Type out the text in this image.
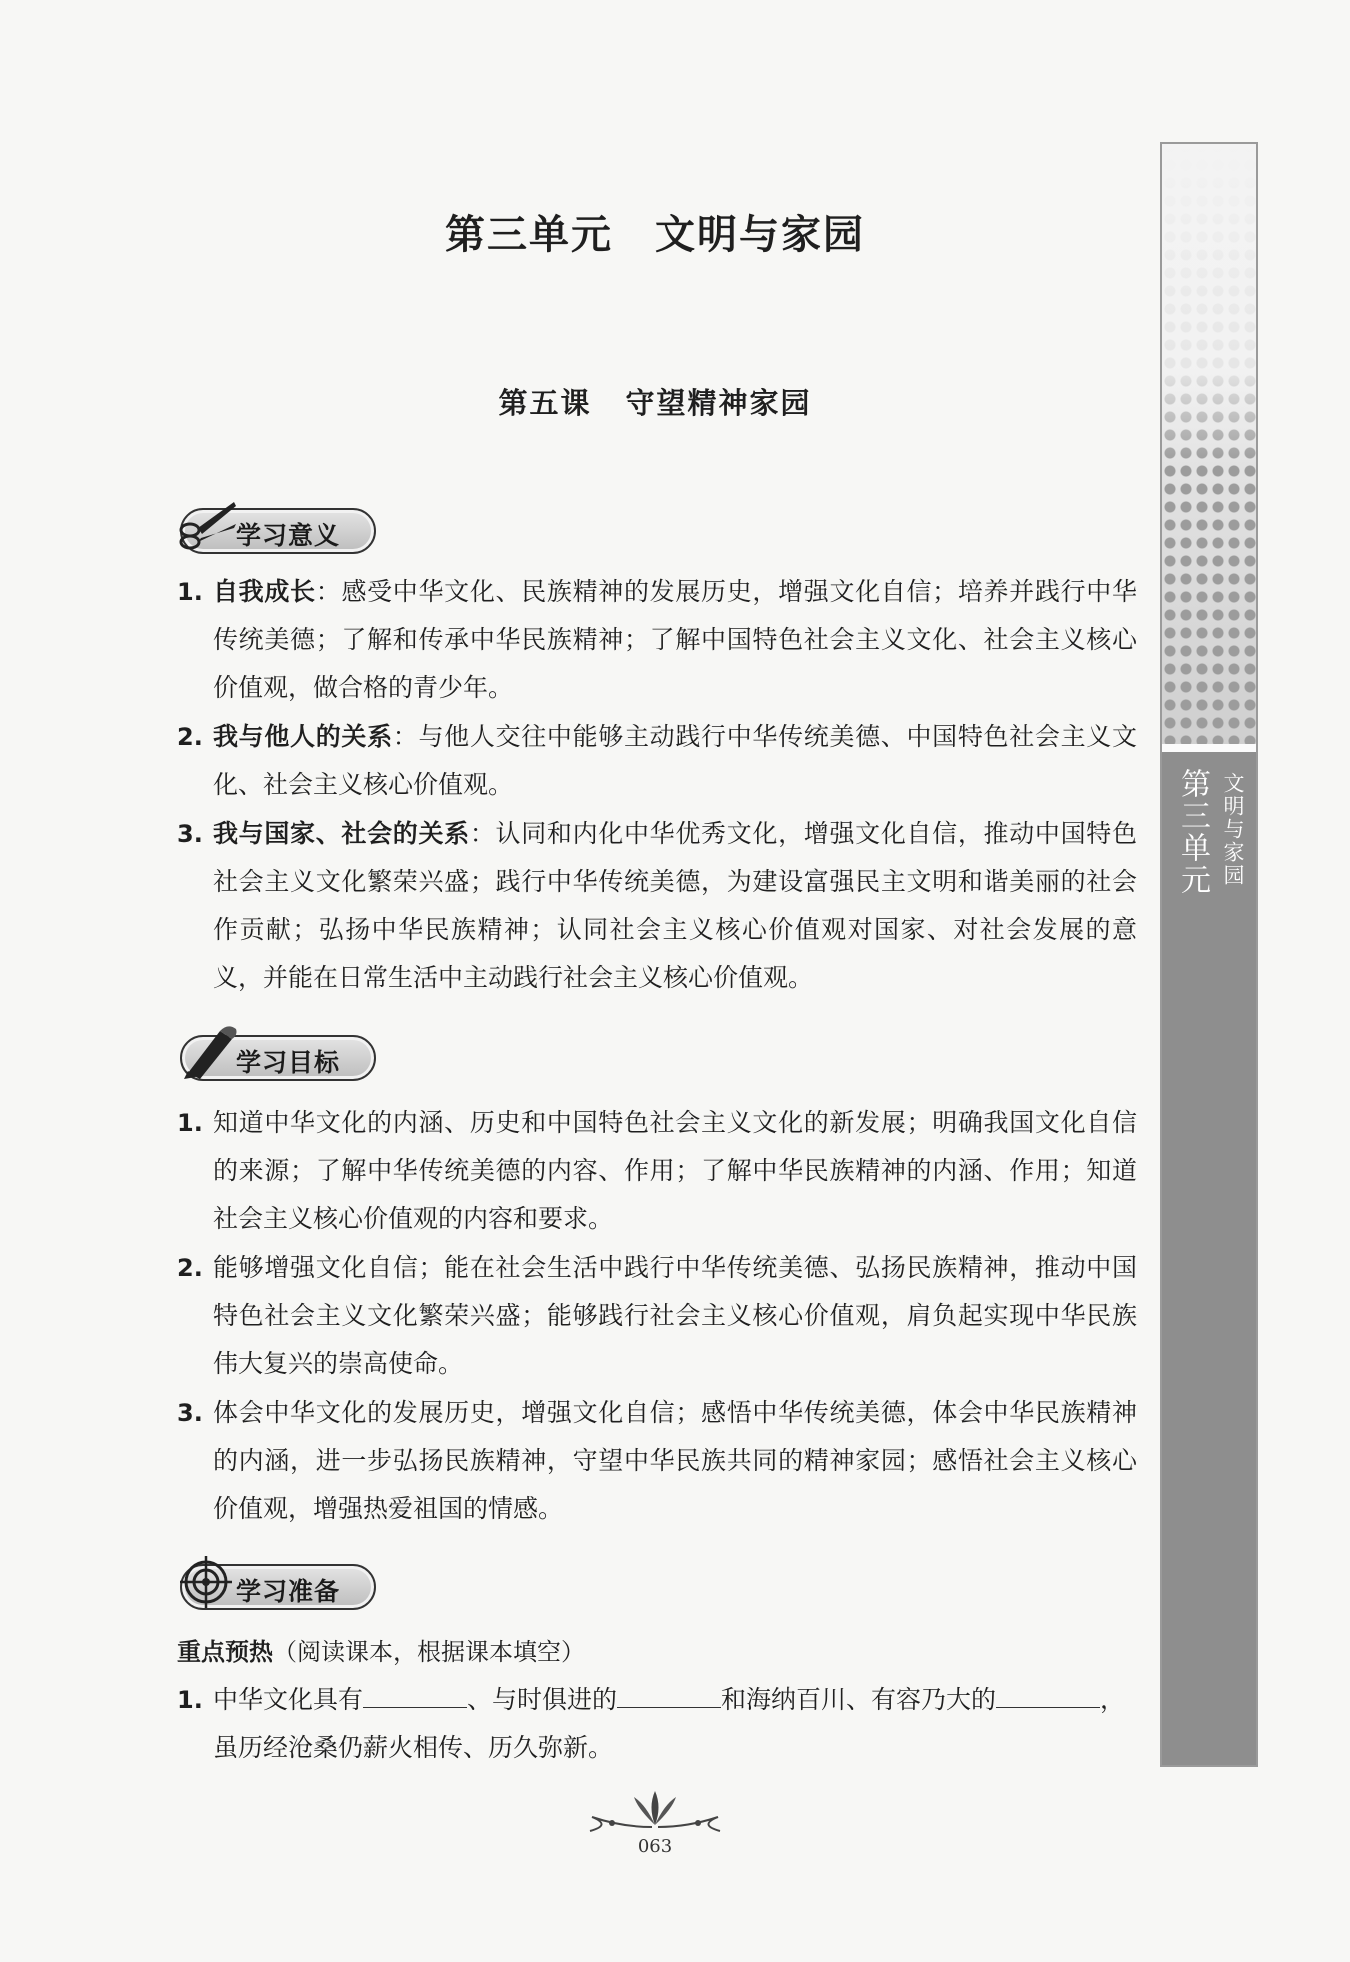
第三单元 文明与家园
第三单元 文明与家园
第五课 守望精神家园
学习意义
1. 自我成长：感受中华文化、民族精神的发展历史，增强文化自信；培养并践行中华传统美德；了解和传承中华民族精神；了解中国特色社会主义文化、社会主义核心价值观，做合格的青少年。
2. 我与他人的关系：与他人交往中能够主动践行中华传统美德、中国特色社会主义文化、社会主义核心价值观。
3. 我与国家、社会的关系：认同和内化中华优秀文化，增强文化自信，推动中国特色社会主义文化繁荣兴盛；践行中华传统美德，为建设富强民主文明和谐美丽的社会作贡献；弘扬中华民族精神；认同社会主义核心价值观对国家、对社会发展的意义，并能在日常生活中主动践行社会主义核心价值观。
学习目标
1. 知道中华文化的内涵、历史和中国特色社会主义文化的新发展；明确我国文化自信的来源；了解中华传统美德的内容、作用；了解中华民族精神的内涵、作用；知道社会主义核心价值观的内容和要求。
2. 能够增强文化自信；能在社会生活中践行中华传统美德、弘扬民族精神，推动中国特色社会主义文化繁荣兴盛；能够践行社会主义核心价值观，肩负起实现中华民族伟大复兴的崇高使命。
3. 体会中华文化的发展历史，增强文化自信；感悟中华传统美德，体会中华民族精神的内涵，进一步弘扬民族精神，守望中华民族共同的精神家园；感悟社会主义核心价值观，增强热爱祖国的情感。
学习准备
重点预热（阅读课本，根据课本填空）
1. 中华文化具有	、与时俱进的	和海纳百川、有容乃大的	，
虽历经沧桑仍薪火相传、历久弥新。
063
